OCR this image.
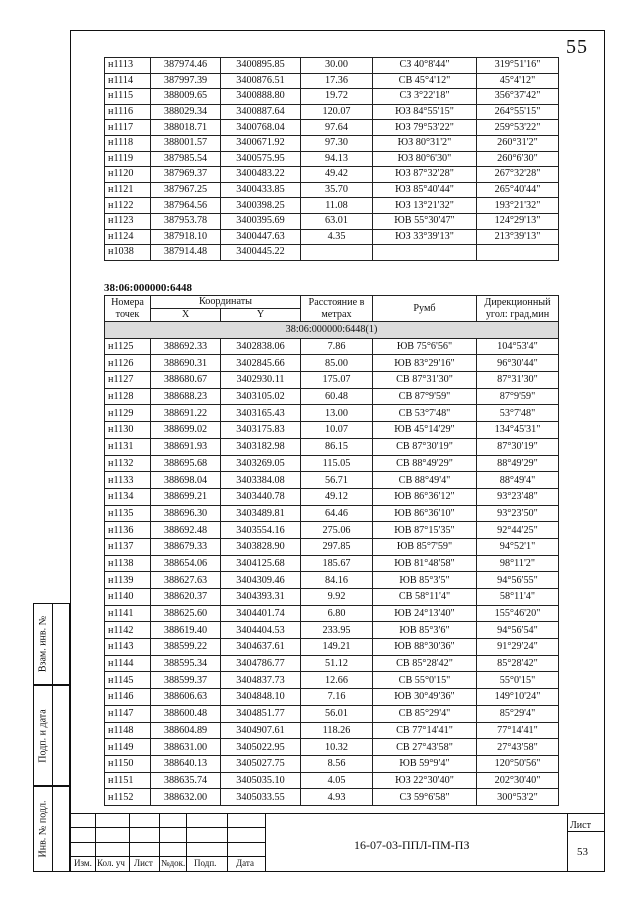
55
н1113	387974.46	3400895.85	30.00	СЗ 40°8'44"	319°51'16"
н1114	387997.39	3400876.51	17.36	СВ 45°4'12"	45°4'12"
н1115	388009.65	3400888.80	19.72	СЗ 3°22'18"	356°37'42"
н1116	388029.34	3400887.64	120.07	ЮЗ 84°55'15"	264°55'15"
н1117	388018.71	3400768.04	97.64	ЮЗ 79°53'22"	259°53'22"
н1118	388001.57	3400671.92	97.30	ЮЗ 80°31'2"	260°31'2"
н1119	387985.54	3400575.95	94.13	ЮЗ 80°6'30"	260°6'30"
н1120	387969.37	3400483.22	49.42	ЮЗ 87°32'28"	267°32'28"
н1121	387967.25	3400433.85	35.70	ЮЗ 85°40'44"	265°40'44"
н1122	387964.56	3400398.25	11.08	ЮЗ 13°21'32"	193°21'32"
н1123	387953.78	3400395.69	63.01	ЮВ 55°30'47"	124°29'13"
н1124	387918.10	3400447.63	4.35	ЮЗ 33°39'13"	213°39'13"
н1038	387914.48	3400445.22			
38:06:000000:6448
Номера точек	Координаты		Расстояние в метрах	Румб	Дирекционный угол: град,мин
	X	Y			
38:06:000000:6448(1)					
н1125	388692.33	3402838.06	7.86	ЮВ 75°6'56"	104°53'4"
н1126	388690.31	3402845.66	85.00	ЮВ 83°29'16"	96°30'44"
н1127	388680.67	3402930.11	175.07	СВ 87°31'30"	87°31'30"
н1128	388688.23	3403105.02	60.48	СВ 87°9'59"	87°9'59"
н1129	388691.22	3403165.43	13.00	СВ 53°7'48"	53°7'48"
н1130	388699.02	3403175.83	10.07	ЮВ 45°14'29"	134°45'31"
н1131	388691.93	3403182.98	86.15	СВ 87°30'19"	87°30'19"
н1132	388695.68	3403269.05	115.05	СВ 88°49'29"	88°49'29"
н1133	388698.04	3403384.08	56.71	СВ 88°49'4"	88°49'4"
н1134	388699.21	3403440.78	49.12	ЮВ 86°36'12"	93°23'48"
н1135	388696.30	3403489.81	64.46	ЮВ 86°36'10"	93°23'50"
н1136	388692.48	3403554.16	275.06	ЮВ 87°15'35"	92°44'25"
н1137	388679.33	3403828.90	297.85	ЮВ 85°7'59"	94°52'1"
н1138	388654.06	3404125.68	185.67	ЮВ 81°48'58"	98°11'2"
н1139	388627.63	3404309.46	84.16	ЮВ 85°3'5"	94°56'55"
н1140	388620.37	3404393.31	9.92	СВ 58°11'4"	58°11'4"
н1141	388625.60	3404401.74	6.80	ЮВ 24°13'40"	155°46'20"
н1142	388619.40	3404404.53	233.95	ЮВ 85°3'6"	94°56'54"
н1143	388599.22	3404637.61	149.21	ЮВ 88°30'36"	91°29'24"
н1144	388595.34	3404786.77	51.12	СВ 85°28'42"	85°28'42"
н1145	388599.37	3404837.73	12.66	СВ 55°0'15"	55°0'15"
н1146	388606.63	3404848.10	7.16	ЮВ 30°49'36"	149°10'24"
н1147	388600.48	3404851.77	56.01	СВ 85°29'4"	85°29'4"
н1148	388604.89	3404907.61	118.26	СВ 77°14'41"	77°14'41"
н1149	388631.00	3405022.95	10.32	СВ 27°43'58"	27°43'58"
н1150	388640.13	3405027.75	8.56	ЮВ 59°9'4"	120°50'56"
н1151	388635.74	3405035.10	4.05	ЮЗ 22°30'40"	202°30'40"
н1152	388632.00	3405033.55	4.93	СЗ 59°6'58"	300°53'2"
Взам. инв. №
Подп. и дата
Инв. № подл.
Изм. Кол. уч Лист №док. Подп. Дата
16-07-03-ППЛ-ПМ-ПЗ
Лист
53
